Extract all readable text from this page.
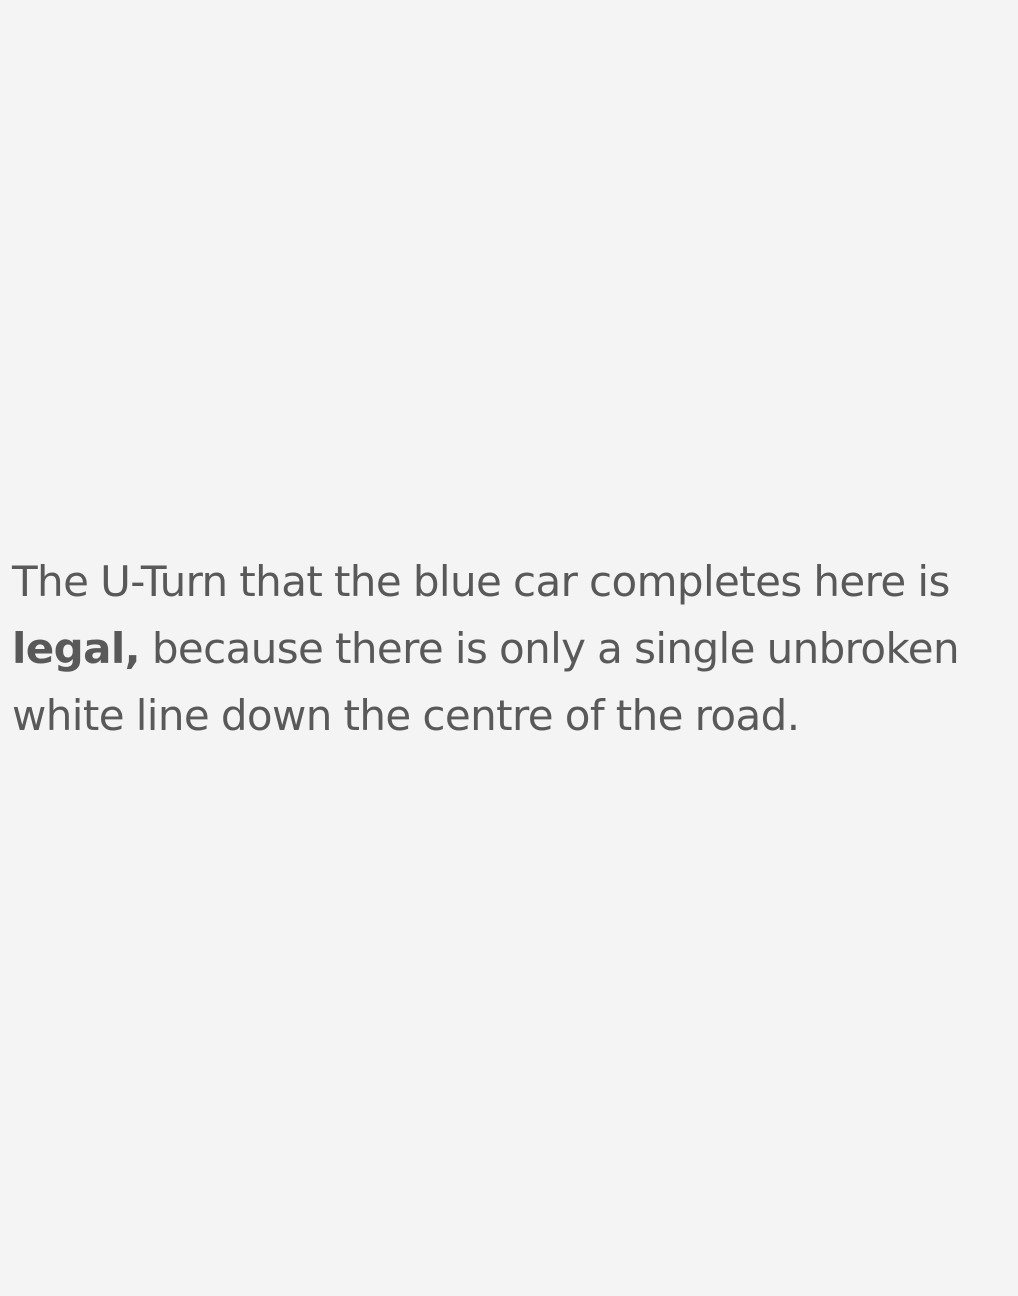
The U-Turn that the blue car completes here is
legal, because there is only a single unbroken
white line down the centre of the road.
